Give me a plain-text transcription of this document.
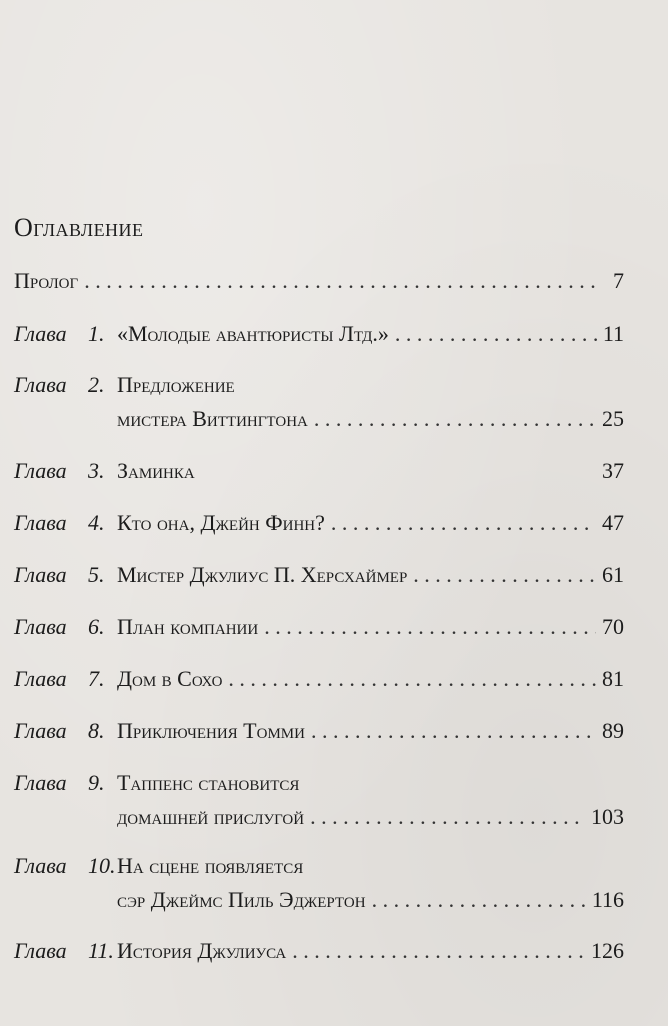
Оглавление
Пролог . . .	7
Глава 1. «Молодые авантюристы Лтд.» . . .	11
Глава 2. Предложение
мистера Виттингтона . . .	25
Глава 3. Заминка	37
Глава 4. Кто она, Джейн Финн? . . .	47
Глава 5. Мистер Джулиус П. Херсхаймер . . .	61
Глава 6. План компании . . .	70
Глава 7. Дом в Сохо . . .	81
Глава 8. Приключения Томми . . .	89
Глава 9. Таппенс становится
домашней прислугой . . .	103
Глава 10. На сцене появляется
сэр Джеймс Пиль Эджертон . . .	116
Глава 11. История Джулиуса . . .	126
